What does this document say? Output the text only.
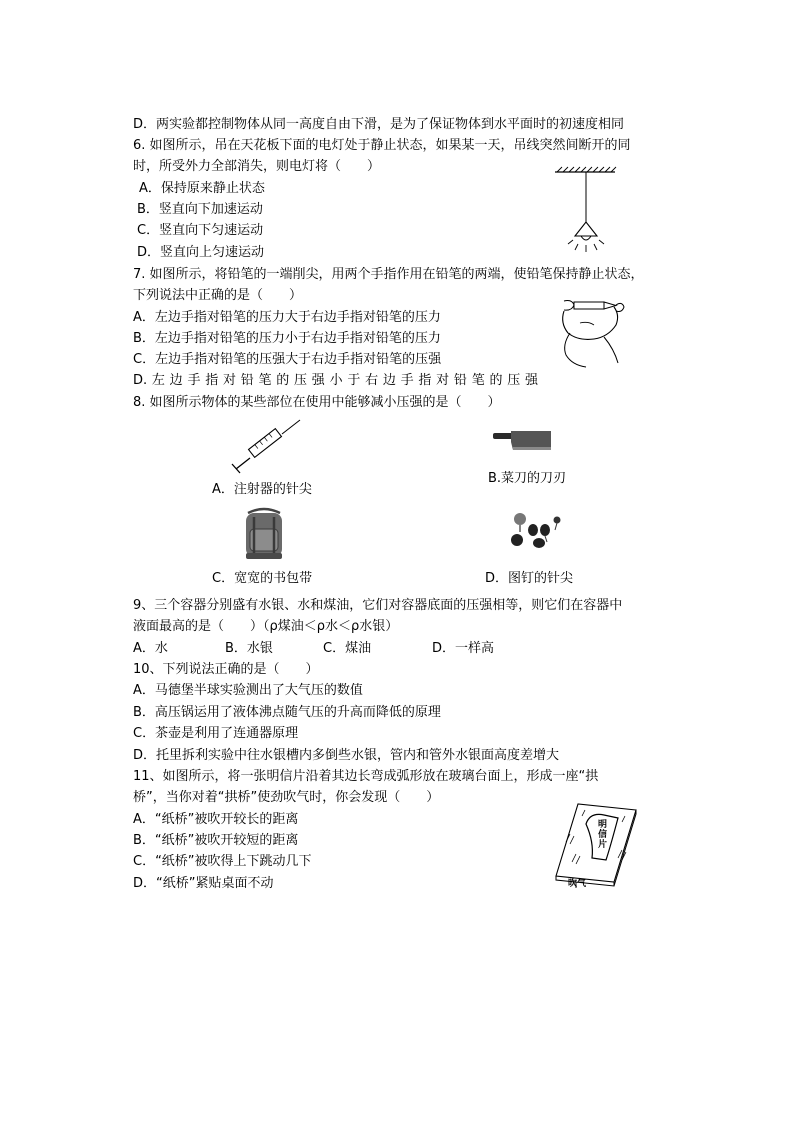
D．两实验都控制物体从同一高度自由下滑，是为了保证物体到水平面时的初速度相同
6. 如图所示，吊在天花板下面的电灯处于静止状态，如果某一天，吊线突然间断开的同
时，所受外力全部消失，则电灯将（　　）
A．保持原来静止状态
B．竖直向下加速运动
C．竖直向下匀速运动
D．竖直向上匀速运动
7. 如图所示，将铅笔的一端削尖，用两个手指作用在铅笔的两端，使铅笔保持静止状态，
下列说法中正确的是（　　）
A．左边手指对铅笔的压力大于右边手指对铅笔的压力
B．左边手指对铅笔的压力小于右边手指对铅笔的压力
C．左边手指对铅笔的压强大于右边手指对铅笔的压强
D. 左 边 手 指 对 铅 笔 的 压 强 小 于 右 边 手 指 对 铅 笔 的 压 强
8. 如图所示物体的某些部位在使用中能够减小压强的是（　　）
A．注射器的针尖
B.菜刀的刀刃
C．宽宽的书包带	D．图钉的针尖
9、三个容器分别盛有水银、水和煤油，它们对容器底面的压强相等，则它们在容器中
液面最高的是（　　）（ρ煤油＜ρ水＜ρ水银）
A．水	B．水银	C．煤油	D．一样高
10、下列说法正确的是（　　）
A．马德堡半球实验测出了大气压的数值
B．高压锅运用了液体沸点随气压的升高而降低的原理
C．茶壶是利用了连通器原理
D．托里拆利实验中往水银槽内多倒些水银，管内和管外水银面高度差增大
11、如图所示，将一张明信片沿着其边长弯成弧形放在玻璃台面上，形成一座“拱
桥”，当你对着“拱桥”使劲吹气时，你会发现（　　）
A．“纸桥”被吹开较长的距离
B．“纸桥”被吹开较短的距离
C．“纸桥”被吹得上下跳动几下
D．“纸桥”紧贴桌面不动
明信片
吹气
